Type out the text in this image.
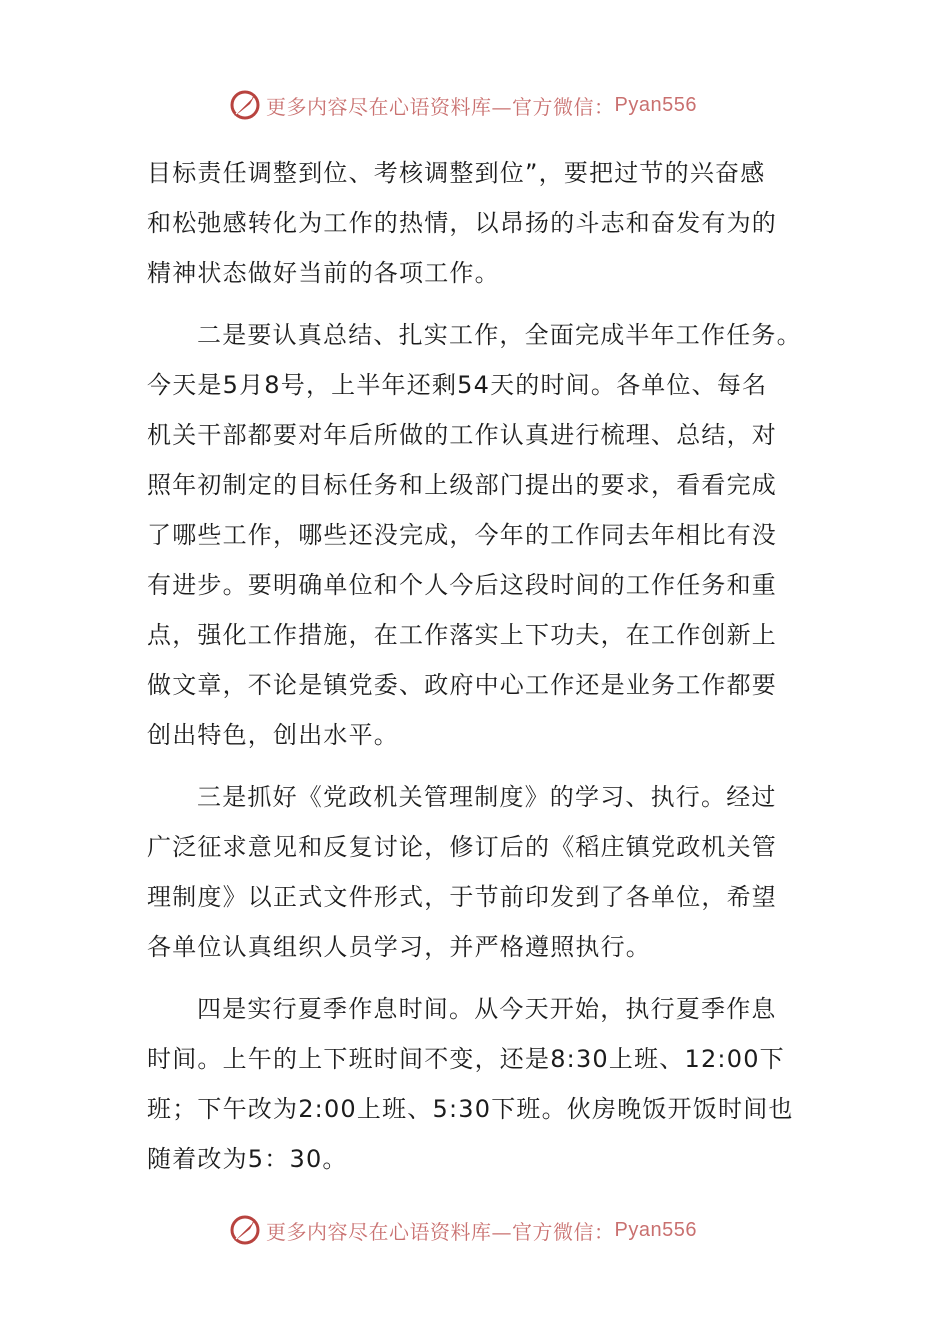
更多内容尽在心语资料库—官方微信： Pyan556

目标责任调整到位、考核调整到位”，要把过节的兴奋感
和松弛感转化为工作的热情，以昂扬的斗志和奋发有为的
精神状态做好当前的各项工作。

二是要认真总结、扎实工作，全面完成半年工作任务。
今天是5月8号，上半年还剩54天的时间。各单位、每名
机关干部都要对年后所做的工作认真进行梳理、总结，对
照年初制定的目标任务和上级部门提出的要求，看看完成
了哪些工作，哪些还没完成，今年的工作同去年相比有没
有进步。要明确单位和个人今后这段时间的工作任务和重
点，强化工作措施，在工作落实上下功夫，在工作创新上
做文章，不论是镇党委、政府中心工作还是业务工作都要
创出特色，创出水平。

三是抓好《党政机关管理制度》的学习、执行。经过
广泛征求意见和反复讨论，修订后的《稻庄镇党政机关管
理制度》以正式文件形式，于节前印发到了各单位，希望
各单位认真组织人员学习，并严格遵照执行。

四是实行夏季作息时间。从今天开始，执行夏季作息
时间。上午的上下班时间不变，还是8:30上班、12:00下
班；下午改为2:00上班、5:30下班。伙房晚饭开饭时间也
随着改为5：30。

更多内容尽在心语资料库—官方微信： Pyan556
